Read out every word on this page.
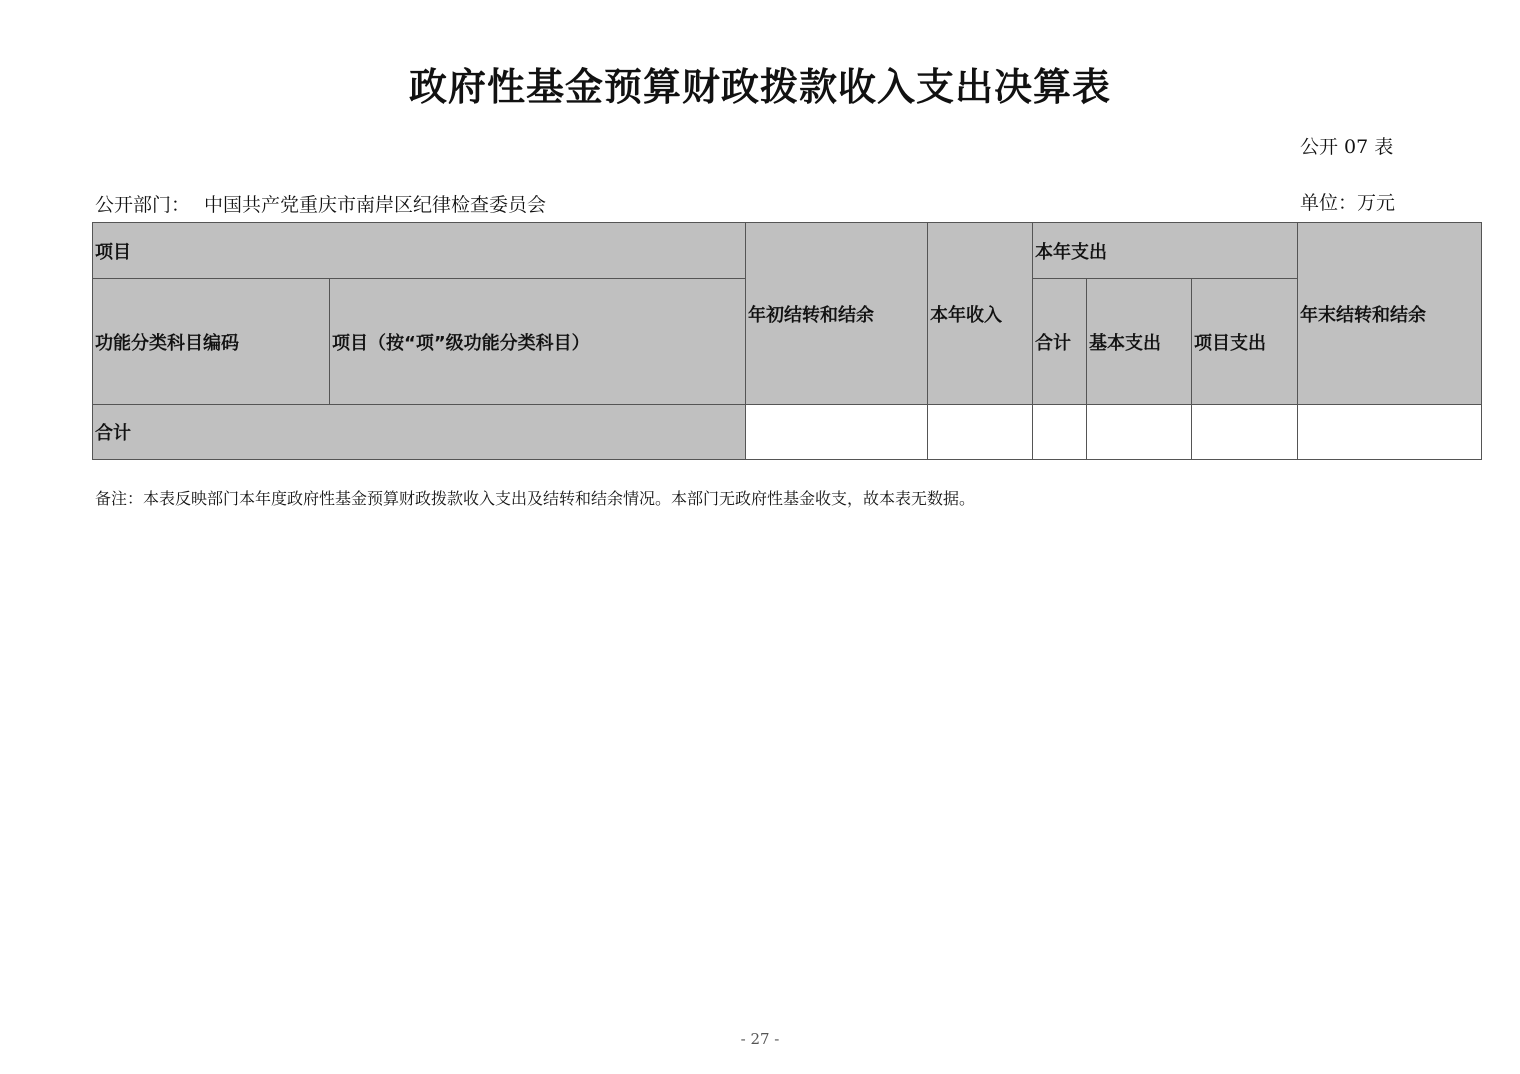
政府性基金预算财政拨款收入支出决算表
公开 07 表
公开部门： 中国共产党重庆市南岸区纪律检查委员会	单位：万元
项目		年初结转和结余	本年收入	本年支出			年末结转和结余
功能分类科目编码	项目（按“项”级功能分类科目）			合计	基本支出	项目支出	
合计							
备注：本表反映部门本年度政府性基金预算财政拨款收入支出及结转和结余情况。本部门无政府性基金收支，故本表无数据。
- 27 -
